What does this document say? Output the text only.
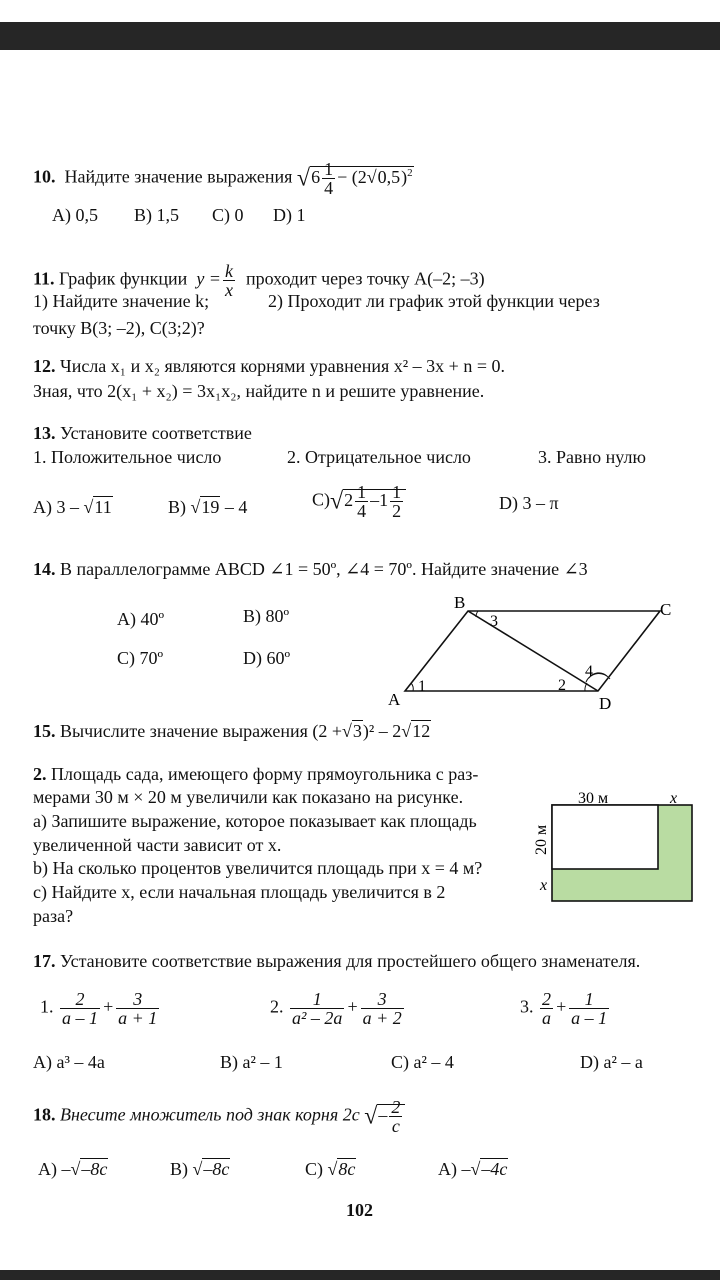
10. Найдите значение выражения $√6 \frac{1}{4} - (2√0,5)^2$
A) 0,5 B) 1,5 C) 0 D) 1
11. График функции $y = \frac{k}{x}$ проходит через точку A(–2; –3)
1) Найдите значение k;	2) Проходит ли график этой функции через
точку B(3; –2), C(3;2)?
12. Числа x₁ и x₂ являются корнями уравнения x² – 3x + n = 0.
Зная, что 2(x₁ + x₂) = 3x₁x₂, найдите n и решите уравнение.
13. Установите соответствие
1. Положительное число	2. Отрицательное число	3. Равно нулю
A) 3 – √11	B) √19 – 4	$C)√2 \frac{1}{4} -1 \frac{1}{2}$	D) 3 – π
14. В параллелограмме ABCD ∠1 = 50º, ∠4 = 70º. Найдите значение ∠3
A) 40º	B) 80º
C) 70º	D) 60º
B	C
A	D
1
3
2
4
15. Вычислите значение выражения (2 +√3)² – 2√12
2. Площадь сада, имеющего форму прямоугольника с раз-
мерами 30 м × 20 м увеличили как показано на рисунке.
a) Запишите выражение, которое показывает как площадь
увеличенной части зависит от x.
b) На сколько процентов увеличится площадь при x = 4 м?
c) Найдите x, если начальная площадь увеличится в 2
раза?
30 м	x
20 м
x
17. Установите соответствие выражения для простейшего общего знаменателя.
1. $\frac{2}{a - 1} + \frac{3}{a + 1}$	2. $\frac{1}{\text{a² – 2a}} + \frac{3}{a + 2}$	3. $\frac{2}{a} + \frac{1}{a - 1}$
A) a³ – 4a	B) a² – 1	C) a² – 4	D) a² – a
18. Внесите множитель под знак корня 2c √– $\frac{2}{c}$
A) –√–8c	B) √–8c	C) √8c	A) –√–4c
102
